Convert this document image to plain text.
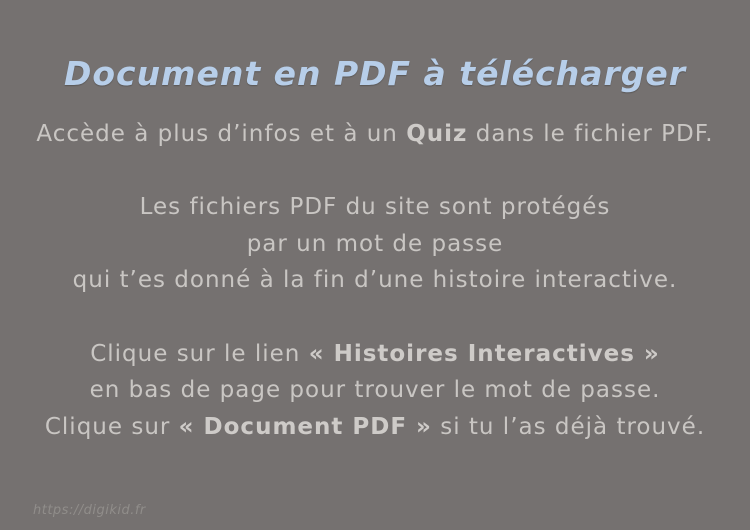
Document en PDF à télécharger
Accède à plus d’infos et à un Quiz dans le fichier PDF.
Les fichiers PDF du site sont protégés
par un mot de passe
qui t’es donné à la fin d’une histoire interactive.
Clique sur le lien « Histoires Interactives »
en bas de page pour trouver le mot de passe.
Clique sur « Document PDF » si tu l’as déjà trouvé.
https://digikid.fr
